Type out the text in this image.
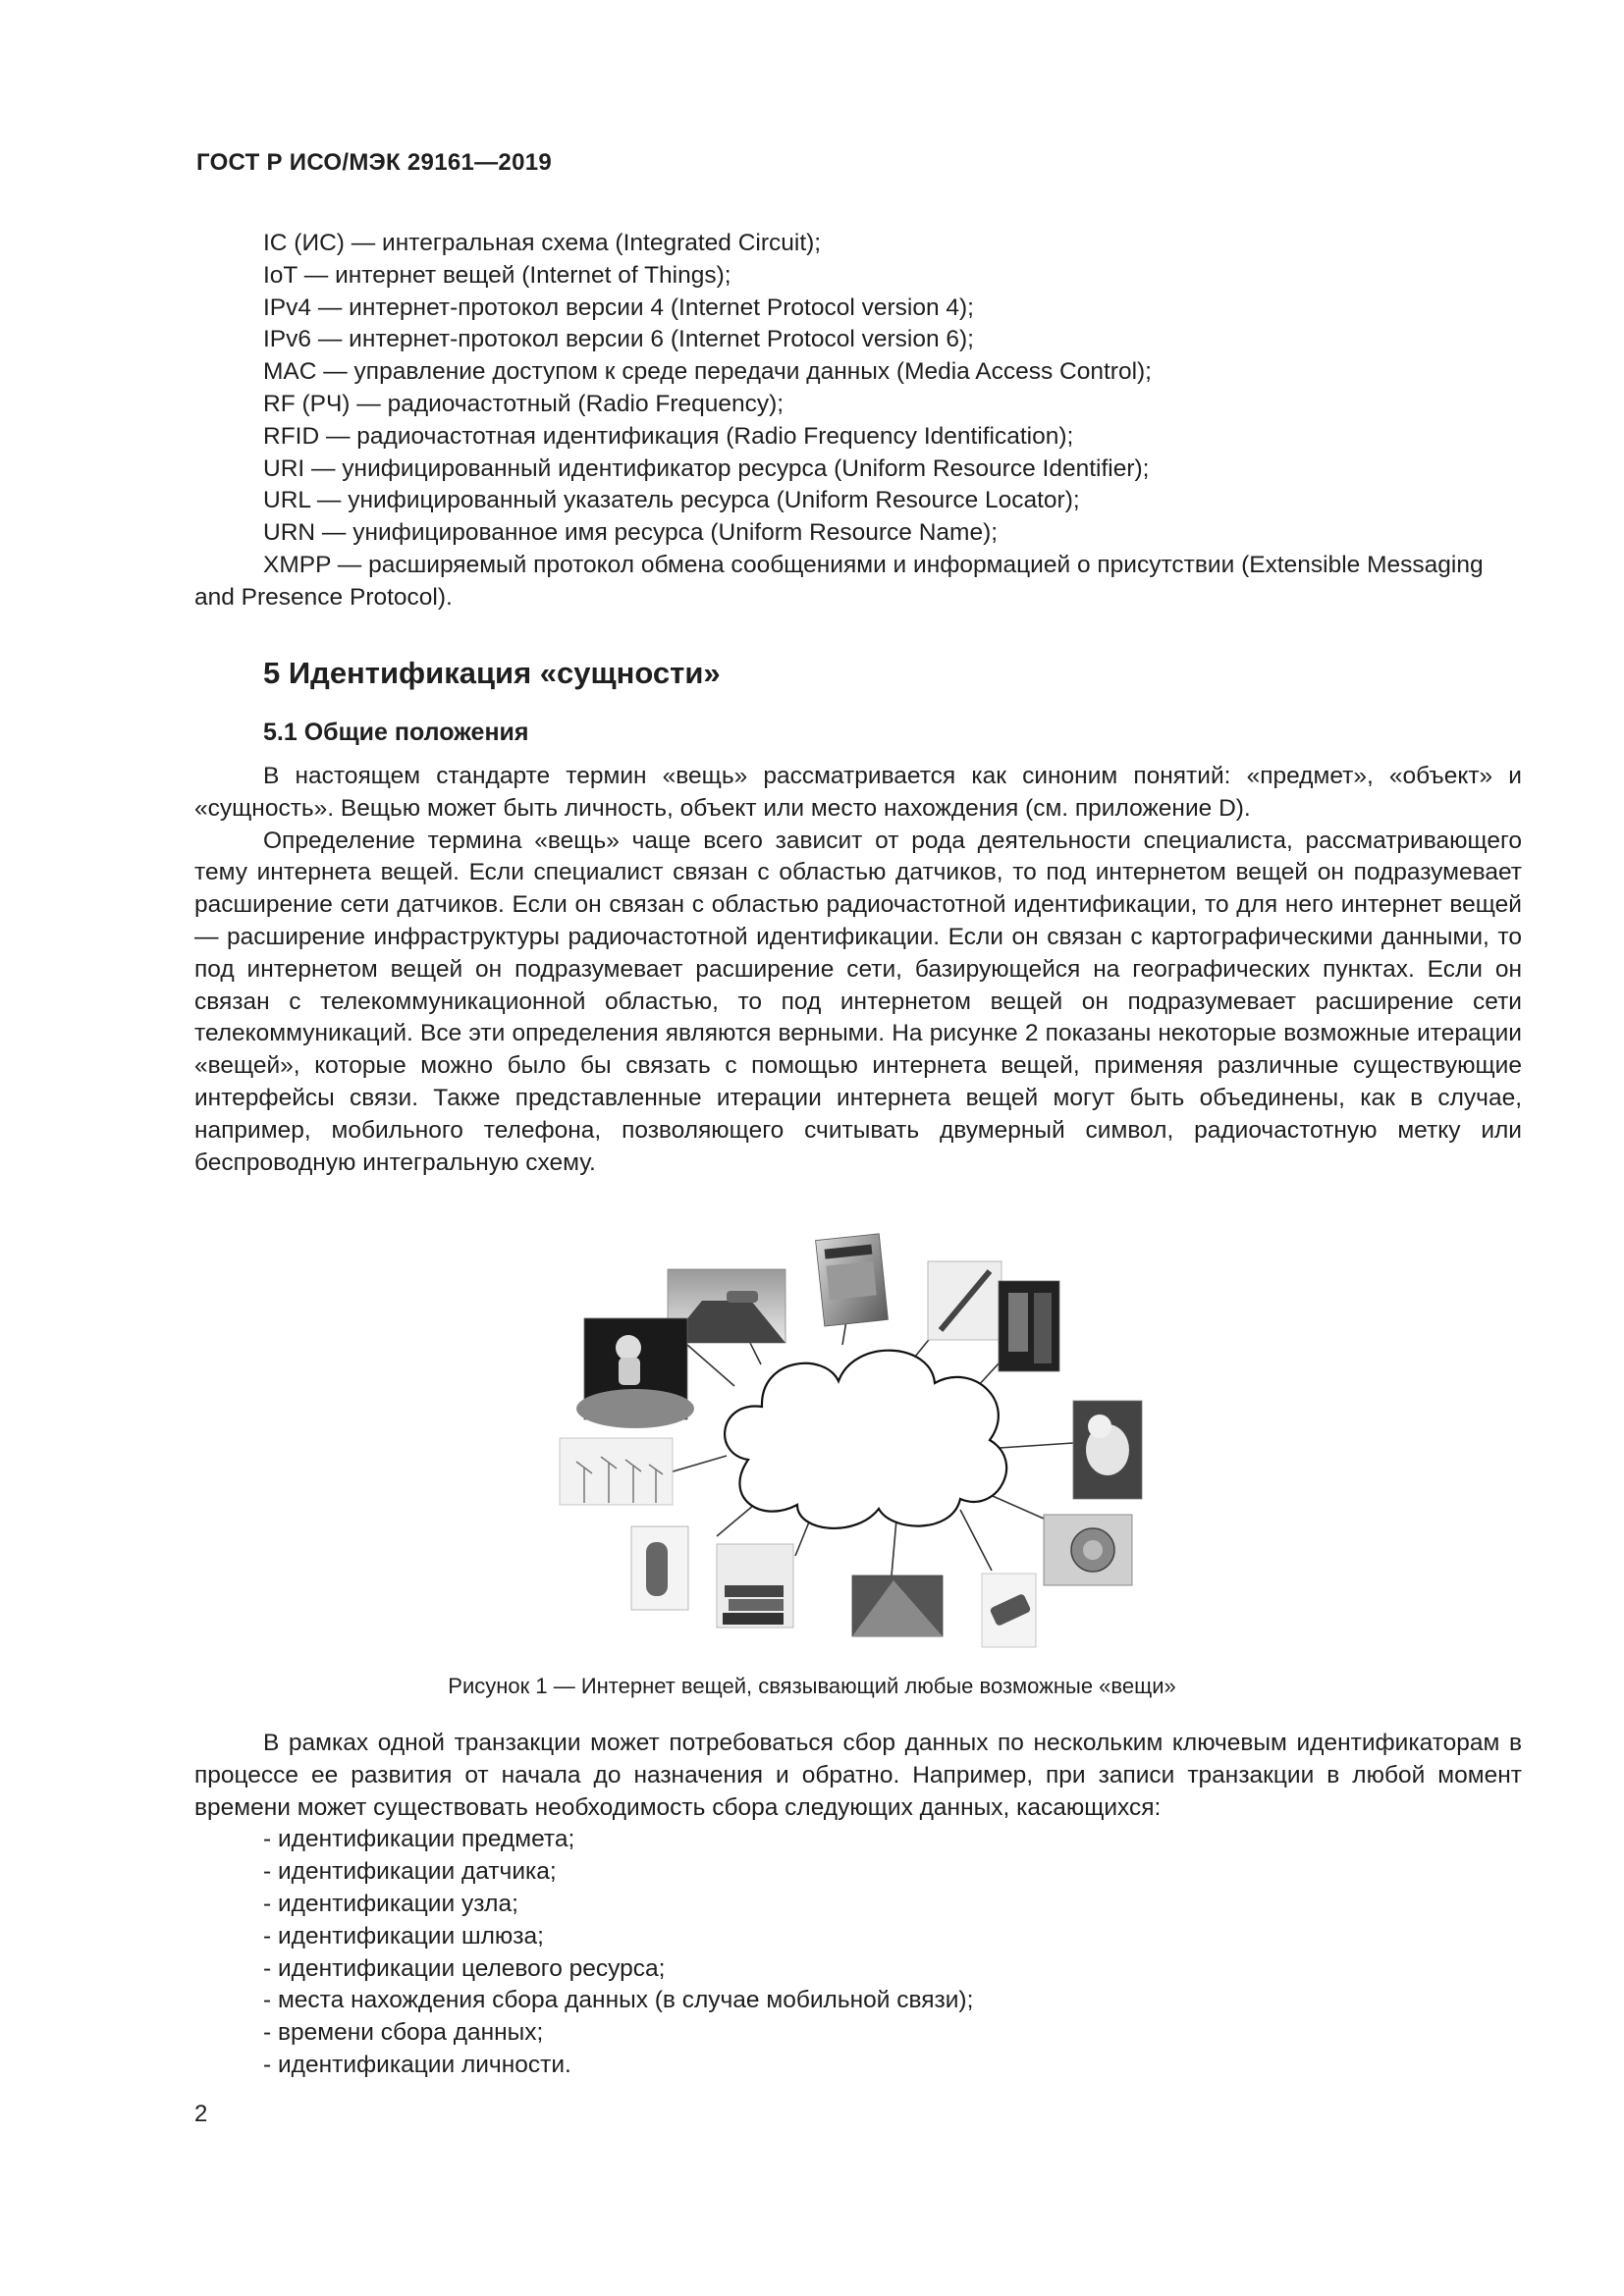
ГОСТ Р ИСО/МЭК 29161—2019

IC (ИС) — интегральная схема (Integrated Circuit);

IoT — интернет вещей (Internet of Things);

IPv4 — интернет-протокол версии 4 (Internet Protocol version 4);

IPv6 — интернет-протокол версии 6 (Internet Protocol version 6);

MAC — управление доступом к среде передачи данных (Media Access Control);

RF (РЧ) — радиочастотный (Radio Frequency);

RFID — радиочастотная идентификация (Radio Frequency Identification);

URI — унифицированный идентификатор ресурса (Uniform Resource Identifier);

URL — унифицированный указатель ресурса (Uniform Resource Locator);

URN — унифицированное имя ресурса (Uniform Resource Name);

XMPP — расширяемый протокол обмена сообщениями и информацией о присутствии (Extensible Messaging and Presence Protocol).

5 Идентификация «сущности»
5.1 Общие положения

В настоящем стандарте термин «вещь» рассматривается как синоним понятий: «предмет», «объект» и «сущность». Вещью может быть личность, объект или место нахождения (см. приложение D).

Определение термина «вещь» чаще всего зависит от рода деятельности специалиста, рассматривающего тему интернета вещей. Если специалист связан с областью датчиков, то под интернетом вещей он подразумевает расширение сети датчиков. Если он связан с областью радиочастотной идентификации, то для него интернет вещей — расширение инфраструктуры радиочастотной идентификации. Если он связан с картографическими данными, то под интернетом вещей он подразумевает расширение сети, базирующейся на географических пунктах. Если он связан с телекоммуникационной областью, то под интернетом вещей он подразумевает расширение сети телекоммуникаций. Все эти определения являются верными. На рисунке 2 показаны некоторые возможные итерации «вещей», которые можно было бы связать с помощью интернета вещей, применяя различные существующие интерфейсы связи. Также представленные итерации интернета вещей могут быть объединены, как в случае, например, мобильного телефона, позволяющего считывать двумерный символ, радиочастотную метку или беспроводную интегральную схему.

Рисунок 1 — Интернет вещей, связывающий любые возможные «вещи»

В рамках одной транзакции может потребоваться сбор данных по нескольким ключевым идентификаторам в процессе ее развития от начала до назначения и обратно. Например, при записи транзакции в любой момент времени может существовать необходимость сбора следующих данных, касающихся:

- идентификации предмета;
- идентификации датчика;
- идентификации узла;
- идентификации шлюза;
- идентификации целевого ресурса;
- места нахождения сбора данных (в случае мобильной связи);
- времени сбора данных;
- идентификации личности.
2
